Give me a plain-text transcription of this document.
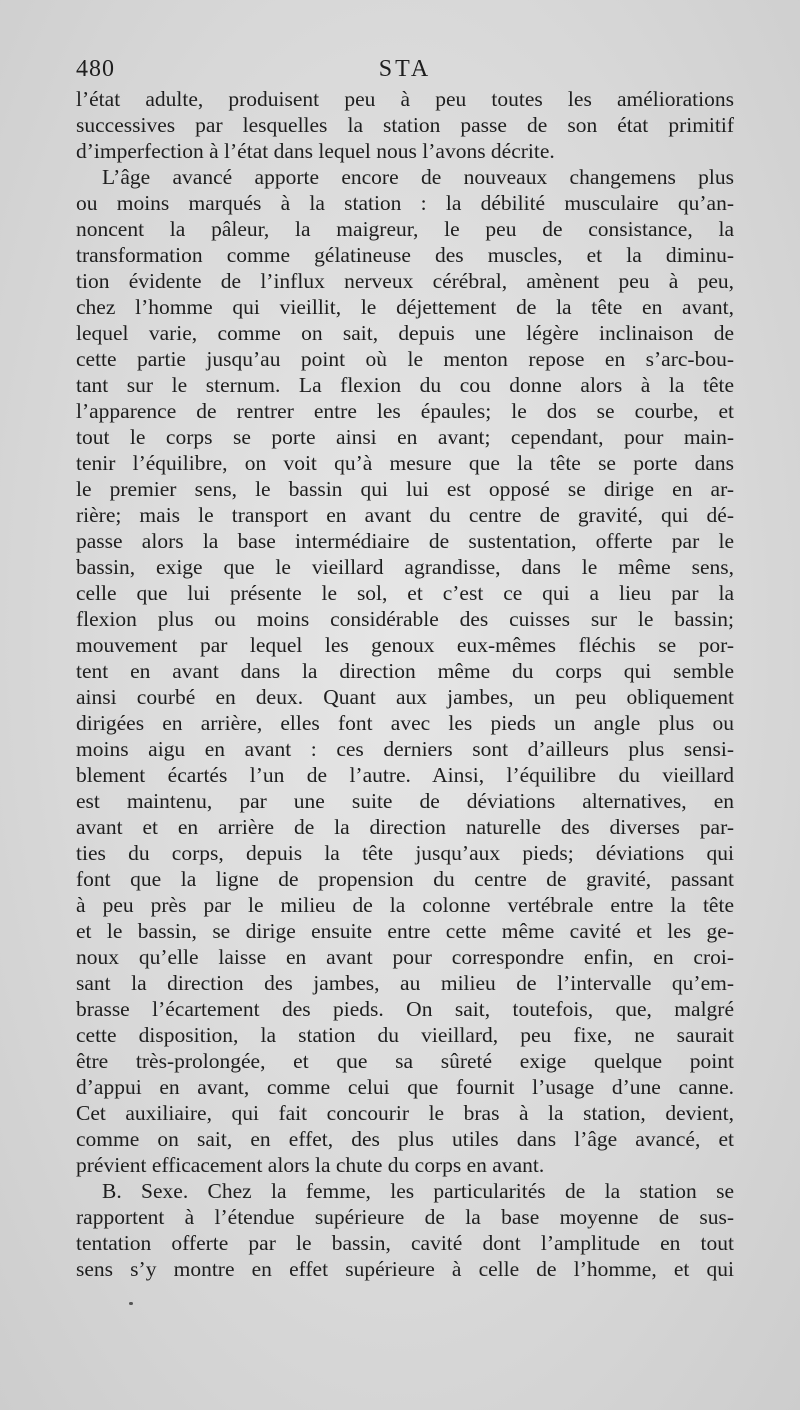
480	STA
l’état adulte, produisent peu à peu toutes les améliorations
successives par lesquelles la station passe de son état primitif
d’imperfection à l’état dans lequel nous l’avons décrite.
L’âge avancé apporte encore de nouveaux changemens plus
ou moins marqués à la station : la débilité musculaire qu’an-
noncent la pâleur, la maigreur, le peu de consistance, la
transformation comme gélatineuse des muscles, et la diminu-
tion évidente de l’influx nerveux cérébral, amènent peu à peu,
chez l’homme qui vieillit, le déjettement de la tête en avant,
lequel varie, comme on sait, depuis une légère inclinaison de
cette partie jusqu’au point où le menton repose en s’arc-bou-
tant sur le sternum. La flexion du cou donne alors à la tête
l’apparence de rentrer entre les épaules; le dos se courbe, et
tout le corps se porte ainsi en avant; cependant, pour main-
tenir l’équilibre, on voit qu’à mesure que la tête se porte dans
le premier sens, le bassin qui lui est opposé se dirige en ar-
rière; mais le transport en avant du centre de gravité, qui dé-
passe alors la base intermédiaire de sustentation, offerte par le
bassin, exige que le vieillard agrandisse, dans le même sens,
celle que lui présente le sol, et c’est ce qui a lieu par la
flexion plus ou moins considérable des cuisses sur le bassin;
mouvement par lequel les genoux eux-mêmes fléchis se por-
tent en avant dans la direction même du corps qui semble
ainsi courbé en deux. Quant aux jambes, un peu obliquement
dirigées en arrière, elles font avec les pieds un angle plus ou
moins aigu en avant : ces derniers sont d’ailleurs plus sensi-
blement écartés l’un de l’autre. Ainsi, l’équilibre du vieillard
est maintenu, par une suite de déviations alternatives, en
avant et en arrière de la direction naturelle des diverses par-
ties du corps, depuis la tête jusqu’aux pieds; déviations qui
font que la ligne de propension du centre de gravité, passant
à peu près par le milieu de la colonne vertébrale entre la tête
et le bassin, se dirige ensuite entre cette même cavité et les ge-
noux qu’elle laisse en avant pour correspondre enfin, en croi-
sant la direction des jambes, au milieu de l’intervalle qu’em-
brasse l’écartement des pieds. On sait, toutefois, que, malgré
cette disposition, la station du vieillard, peu fixe, ne saurait
être très-prolongée, et que sa sûreté exige quelque point
d’appui en avant, comme celui que fournit l’usage d’une canne.
Cet auxiliaire, qui fait concourir le bras à la station, devient,
comme on sait, en effet, des plus utiles dans l’âge avancé, et
prévient efficacement alors la chute du corps en avant.
B. Sexe. Chez la femme, les particularités de la station se
rapportent à l’étendue supérieure de la base moyenne de sus-
tentation offerte par le bassin, cavité dont l’amplitude en tout
sens s’y montre en effet supérieure à celle de l’homme, et qui
